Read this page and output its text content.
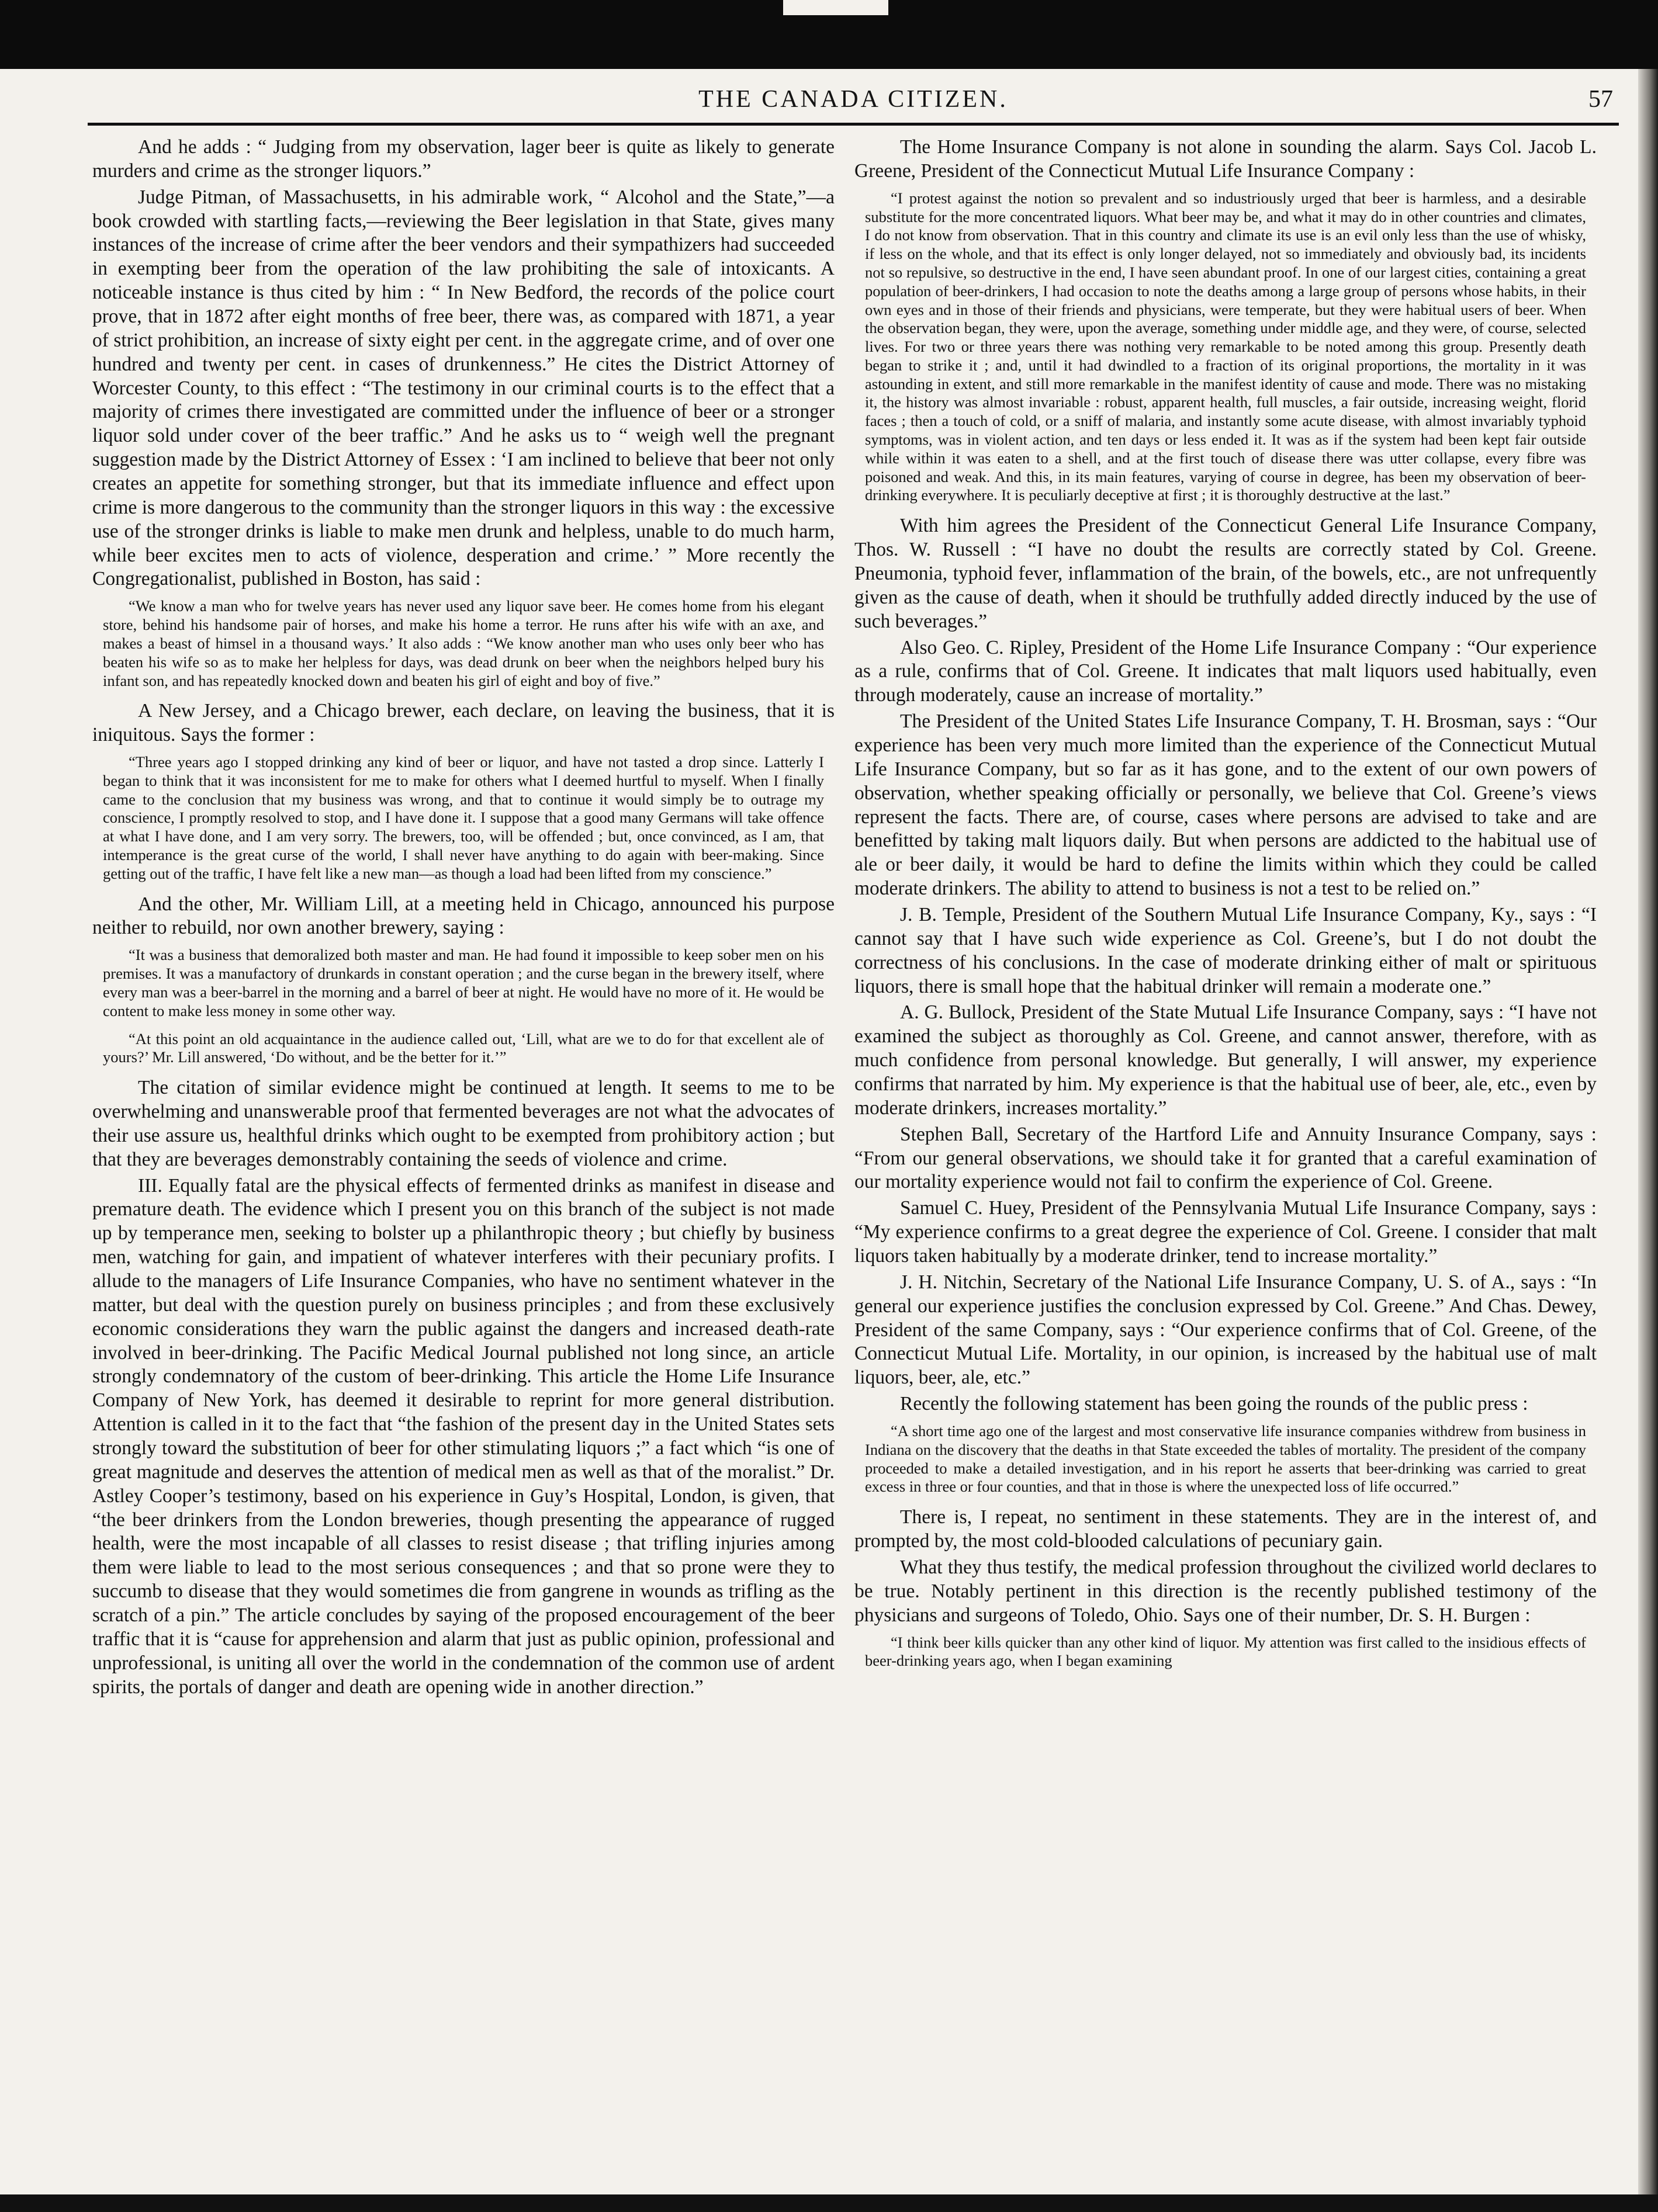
THE CANADA CITIZEN.	57

And he adds : “ Judging from my observation, lager beer is quite as likely to generate murders and crime as the stronger liquors.”

Judge Pitman, of Massachusetts, in his admirable work, “ Alcohol and the State,”—a book crowded with startling facts,—reviewing the Beer legislation in that State, gives many instances of the increase of crime after the beer vendors and their sympathizers had succeeded in exempting beer from the operation of the law prohibiting the sale of intoxicants. A noticeable instance is thus cited by him : “ In New Bedford, the records of the police court prove, that in 1872 after eight months of free beer, there was, as compared with 1871, a year of strict prohibition, an increase of sixty eight per cent. in the aggregate crime, and of over one hundred and twenty per cent. in cases of drunkenness.” He cites the District Attorney of Worcester County, to this effect : “The testimony in our criminal courts is to the effect that a majority of crimes there investigated are committed under the influence of beer or a stronger liquor sold under cover of the beer traffic.” And he asks us to “ weigh well the pregnant suggestion made by the District Attorney of Essex : ‘I am inclined to believe that beer not only creates an appetite for something stronger, but that its immediate influence and effect upon crime is more dangerous to the community than the stronger liquors in this way : the excessive use of the stronger drinks is liable to make men drunk and helpless, unable to do much harm, while beer excites men to acts of violence, desperation and crime.’ ” More recently the Congregationalist, published in Boston, has said :

“We know a man who for twelve years has never used any liquor save beer. He comes home from his elegant store, behind his handsome pair of horses, and make his home a terror. He runs after his wife with an axe, and makes a beast of himsel in a thousand ways.’ It also adds : “We know another man who uses only beer who has beaten his wife so as to make her helpless for days, was dead drunk on beer when the neighbors helped bury his infant son, and has repeatedly knocked down and beaten his girl of eight and boy of five.”

A New Jersey, and a Chicago brewer, each declare, on leaving the business, that it is iniquitous. Says the former :

“Three years ago I stopped drinking any kind of beer or liquor, and have not tasted a drop since. Latterly I began to think that it was inconsistent for me to make for others what I deemed hurtful to myself. When I finally came to the conclusion that my business was wrong, and that to continue it would simply be to outrage my conscience, I promptly resolved to stop, and I have done it. I suppose that a good many Germans will take offence at what I have done, and I am very sorry. The brewers, too, will be offended ; but, once convinced, as I am, that intemperance is the great curse of the world, I shall never have anything to do again with beer-making. Since getting out of the traffic, I have felt like a new man—as though a load had been lifted from my conscience.”

And the other, Mr. William Lill, at a meeting held in Chicago, announced his purpose neither to rebuild, nor own another brewery, saying :

“It was a business that demoralized both master and man. He had found it impossible to keep sober men on his premises. It was a manufactory of drunkards in constant operation ; and the curse began in the brewery itself, where every man was a beer-barrel in the morning and a barrel of beer at night. He would have no more of it. He would be content to make less money in some other way.

“At this point an old acquaintance in the audience called out, ‘Lill, what are we to do for that excellent ale of yours?’ Mr. Lill answered, ‘Do without, and be the better for it.’”

The citation of similar evidence might be continued at length. It seems to me to be overwhelming and unanswerable proof that fermented beverages are not what the advocates of their use assure us, healthful drinks which ought to be exempted from prohibitory action ; but that they are beverages demonstrably containing the seeds of violence and crime.

III. Equally fatal are the physical effects of fermented drinks as manifest in disease and premature death. The evidence which I present you on this branch of the subject is not made up by temperance men, seeking to bolster up a philanthropic theory ; but chiefly by business men, watching for gain, and impatient of whatever interferes with their pecuniary profits. I allude to the managers of Life Insurance Companies, who have no sentiment whatever in the matter, but deal with the question purely on business principles ; and from these exclusively economic considerations they warn the public against the dangers and increased death-rate involved in beer-drinking. The Pacific Medical Journal published not long since, an article strongly condemnatory of the custom of beer-drinking. This article the Home Life Insurance Company of New York, has deemed it desirable to reprint for more general distribution. Attention is called in it to the fact that “the fashion of the present day in the United States sets strongly toward the substitution of beer for other stimulating liquors ;” a fact which “is one of great magnitude and deserves the attention of medical men as well as that of the moralist.” Dr. Astley Cooper’s testimony, based on his experience in Guy’s Hospital, London, is given, that “the beer drinkers from the London breweries, though presenting the appearance of rugged health, were the most incapable of all classes to resist disease ; that trifling injuries among them were liable to lead to the most serious consequences ; and that so prone were they to succumb to disease that they would sometimes die from gangrene in wounds as trifling as the scratch of a pin.” The article concludes by saying of the proposed encouragement of the beer traffic that it is “cause for apprehension and alarm that just as public opinion, professional and unprofessional, is uniting all over the world in the condemnation of the common use of ardent spirits, the portals of danger and death are opening wide in another direction.”

The Home Insurance Company is not alone in sounding the alarm. Says Col. Jacob L. Greene, President of the Connecticut Mutual Life Insurance Company :

“I protest against the notion so prevalent and so industriously urged that beer is harmless, and a desirable substitute for the more concentrated liquors. What beer may be, and what it may do in other countries and climates, I do not know from observation. That in this country and climate its use is an evil only less than the use of whisky, if less on the whole, and that its effect is only longer delayed, not so immediately and obviously bad, its incidents not so repulsive, so destructive in the end, I have seen abundant proof. In one of our largest cities, containing a great population of beer-drinkers, I had occasion to note the deaths among a large group of persons whose habits, in their own eyes and in those of their friends and physicians, were temperate, but they were habitual users of beer. When the observation began, they were, upon the average, something under middle age, and they were, of course, selected lives. For two or three years there was nothing very remarkable to be noted among this group. Presently death began to strike it ; and, until it had dwindled to a fraction of its original proportions, the mortality in it was astounding in extent, and still more remarkable in the manifest identity of cause and mode. There was no mistaking it, the history was almost invariable : robust, apparent health, full muscles, a fair outside, increasing weight, florid faces ; then a touch of cold, or a sniff of malaria, and instantly some acute disease, with almost invariably typhoid symptoms, was in violent action, and ten days or less ended it. It was as if the system had been kept fair outside while within it was eaten to a shell, and at the first touch of disease there was utter collapse, every fibre was poisoned and weak. And this, in its main features, varying of course in degree, has been my observation of beer-drinking everywhere. It is peculiarly deceptive at first ; it is thoroughly destructive at the last.”

With him agrees the President of the Connecticut General Life Insurance Company, Thos. W. Russell : “I have no doubt the results are correctly stated by Col. Greene. Pneumonia, typhoid fever, inflammation of the brain, of the bowels, etc., are not unfrequently given as the cause of death, when it should be truthfully added directly induced by the use of such beverages.”

Also Geo. C. Ripley, President of the Home Life Insurance Company : “Our experience as a rule, confirms that of Col. Greene. It indicates that malt liquors used habitually, even through moderately, cause an increase of mortality.”

The President of the United States Life Insurance Company, T. H. Brosman, says : “Our experience has been very much more limited than the experience of the Connecticut Mutual Life Insurance Company, but so far as it has gone, and to the extent of our own powers of observation, whether speaking officially or personally, we believe that Col. Greene’s views represent the facts. There are, of course, cases where persons are advised to take and are benefitted by taking malt liquors daily. But when persons are addicted to the habitual use of ale or beer daily, it would be hard to define the limits within which they could be called moderate drinkers. The ability to attend to business is not a test to be relied on.”

J. B. Temple, President of the Southern Mutual Life Insurance Company, Ky., says : “I cannot say that I have such wide experience as Col. Greene’s, but I do not doubt the correctness of his conclusions. In the case of moderate drinking either of malt or spirituous liquors, there is small hope that the habitual drinker will remain a moderate one.”

A. G. Bullock, President of the State Mutual Life Insurance Company, says : “I have not examined the subject as thoroughly as Col. Greene, and cannot answer, therefore, with as much confidence from personal knowledge. But generally, I will answer, my experience confirms that narrated by him. My experience is that the habitual use of beer, ale, etc., even by moderate drinkers, increases mortality.”

Stephen Ball, Secretary of the Hartford Life and Annuity Insurance Company, says : “From our general observations, we should take it for granted that a careful examination of our mortality experience would not fail to confirm the experience of Col. Greene.

Samuel C. Huey, President of the Pennsylvania Mutual Life Insurance Company, says : “My experience confirms to a great degree the experience of Col. Greene. I consider that malt liquors taken habitually by a moderate drinker, tend to increase mortality.”

J. H. Nitchin, Secretary of the National Life Insurance Company, U. S. of A., says : “In general our experience justifies the conclusion expressed by Col. Greene.” And Chas. Dewey, President of the same Company, says : “Our experience confirms that of Col. Greene, of the Connecticut Mutual Life. Mortality, in our opinion, is increased by the habitual use of malt liquors, beer, ale, etc.”

Recently the following statement has been going the rounds of the public press :

“A short time ago one of the largest and most conservative life insurance companies withdrew from business in Indiana on the discovery that the deaths in that State exceeded the tables of mortality. The president of the company proceeded to make a detailed investigation, and in his report he asserts that beer-drinking was carried to great excess in three or four counties, and that in those is where the unexpected loss of life occurred.”

There is, I repeat, no sentiment in these statements. They are in the interest of, and prompted by, the most cold-blooded calculations of pecuniary gain.

What they thus testify, the medical profession throughout the civilized world declares to be true. Notably pertinent in this direction is the recently published testimony of the physicians and surgeons of Toledo, Ohio. Says one of their number, Dr. S. H. Burgen :

“I think beer kills quicker than any other kind of liquor. My attention was first called to the insidious effects of beer-drinking years ago, when I began examining
